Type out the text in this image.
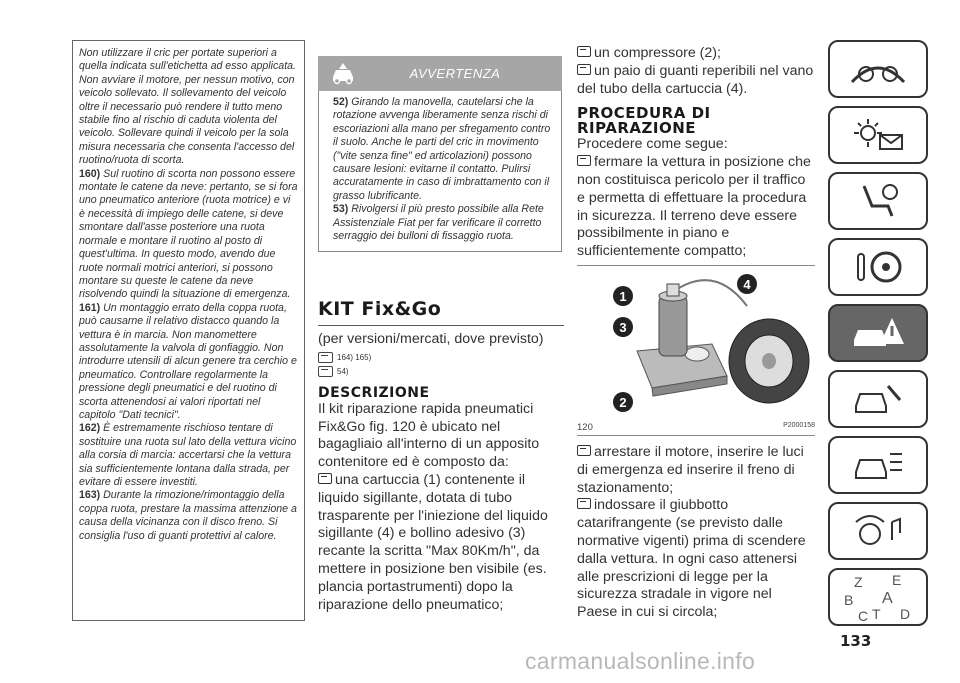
Non utilizzare il cric per portate superiori a quella indicata sull'etichetta ad esso applicata. Non avviare il motore, per nessun motivo, con veicolo sollevato. Il sollevamento del veicolo oltre il necessario può rendere il tutto meno stabile fino al rischio di caduta violenta del veicolo. Sollevare quindi il veicolo per la sola misura necessaria che consenta l'accesso del ruotino/ruota di scorta.

160) Sul ruotino di scorta non possono essere montate le catene da neve: pertanto, se si fora uno pneumatico anteriore (ruota motrice) e vi è necessità di impiego delle catene, si deve smontare dall'asse posteriore una ruota normale e montare il ruotino al posto di quest'ultima. In questo modo, avendo due ruote normali motrici anteriori, si possono montare su queste le catene da neve risolvendo quindi la situazione di emergenza.

161) Un montaggio errato della coppa ruota, può causarne il relativo distacco quando la vettura è in marcia. Non manomettere assolutamente la valvola di gonfiaggio. Non introdurre utensili di alcun genere tra cerchio e pneumatico. Controllare regolarmente la pressione degli pneumatici e del ruotino di scorta attenendosi ai valori riportati nel capitolo "Dati tecnici".

162) È estremamente rischioso tentare di sostituire una ruota sul lato della vettura vicino alla corsia di marcia: accertarsi che la vettura sia sufficientemente lontana dalla strada, per evitare di essere investiti.

163) Durante la rimozione/rimontaggio della coppa ruota, prestare la massima attenzione a causa della vicinanza con il disco freno. Si consiglia l'uso di guanti protettivi al calore.

AVVERTENZA

52) Girando la manovella, cautelarsi che la rotazione avvenga liberamente senza rischi di escoriazioni alla mano per sfregamento contro il suolo. Anche le parti del cric in movimento ("vite senza fine" ed articolazioni) possono causare lesioni: evitarne il contatto. Pulirsi accuratamente in caso di imbrattamento con il grasso lubrificante.

53) Rivolgersi il più presto possibile alla Rete Assistenziale Fiat per far verificare il corretto serraggio dei bulloni di fissaggio ruota.

KIT Fix&Go
(per versioni/mercati, dove previsto)
164) 165)
54)
DESCRIZIONE
Il kit riparazione rapida pneumatici Fix&Go fig. 120 è ubicato nel bagagliaio all'interno di un apposito contenitore ed è composto da:
una cartuccia (1) contenente il liquido sigillante, dotata di tubo trasparente per l'iniezione del liquido sigillante (4) e bollino adesivo (3) recante la scritta "Max 80Km/h", da mettere in posizione ben visibile (es. plancia portastrumenti) dopo la riparazione dello pneumatico;
un compressore (2);
un paio di guanti reperibili nel vano del tubo della cartuccia (4).
PROCEDURA DI
RIPARAZIONE
Procedere come segue:
fermare la vettura in posizione che non costituisca pericolo per il traffico e permetta di effettuare la procedura in sicurezza. Il terreno deve essere possibilmente in piano e sufficientemente compatto;
1
2
3
4
120	P2000158
arrestare il motore, inserire le luci di emergenza ed inserire il freno di stazionamento;
indossare il giubbotto catarifrangente (se previsto dalle normative vigenti) prima di scendere dalla vettura. In ogni caso attenersi alle prescrizioni di legge per la sicurezza stradale in vigore nel Paese in cui si circola;
Z E
B A
C T D
133
carmanualsonline.info
